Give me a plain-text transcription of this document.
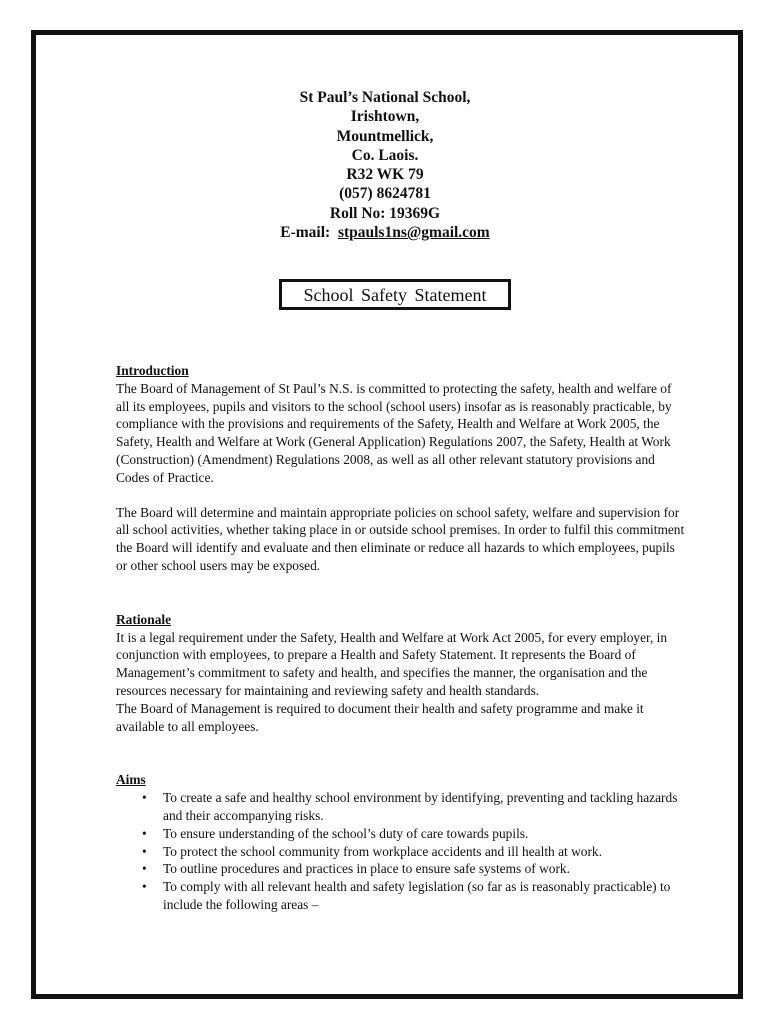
St Paul’s National School,
Irishtown,
Mountmellick,
Co. Laois.
R32 WK 79
(057) 8624781
Roll No: 19369G
E-mail: stpauls1ns@gmail.com
School Safety Statement
Introduction

The Board of Management of St Paul’s N.S. is committed to protecting the safety, health and welfare of all its employees, pupils and visitors to the school (school users) insofar as is reasonably practicable, by compliance with the provisions and requirements of the Safety, Health and Welfare at Work 2005, the Safety, Health and Welfare at Work (General Application) Regulations 2007, the Safety, Health at Work (Construction) (Amendment) Regulations 2008, as well as all other relevant statutory provisions and Codes of Practice.

The Board will determine and maintain appropriate policies on school safety, welfare and supervision for all school activities, whether taking place in or outside school premises. In order to fulfil this commitment the Board will identify and evaluate and then eliminate or reduce all hazards to which employees, pupils or other school users may be exposed.

Rationale

It is a legal requirement under the Safety, Health and Welfare at Work Act 2005, for every employer, in conjunction with employees, to prepare a Health and Safety Statement. It represents the Board of Management’s commitment to safety and health, and specifies the manner, the organisation and the resources necessary for maintaining and reviewing safety and health standards.

The Board of Management is required to document their health and safety programme and make it available to all employees.

Aims
• To create a safe and healthy school environment by identifying, preventing and tackling hazards and their accompanying risks.
• To ensure understanding of the school’s duty of care towards pupils.
• To protect the school community from workplace accidents and ill health at work.
• To outline procedures and practices in place to ensure safe systems of work.
• To comply with all relevant health and safety legislation (so far as is reasonably practicable) to include the following areas –
